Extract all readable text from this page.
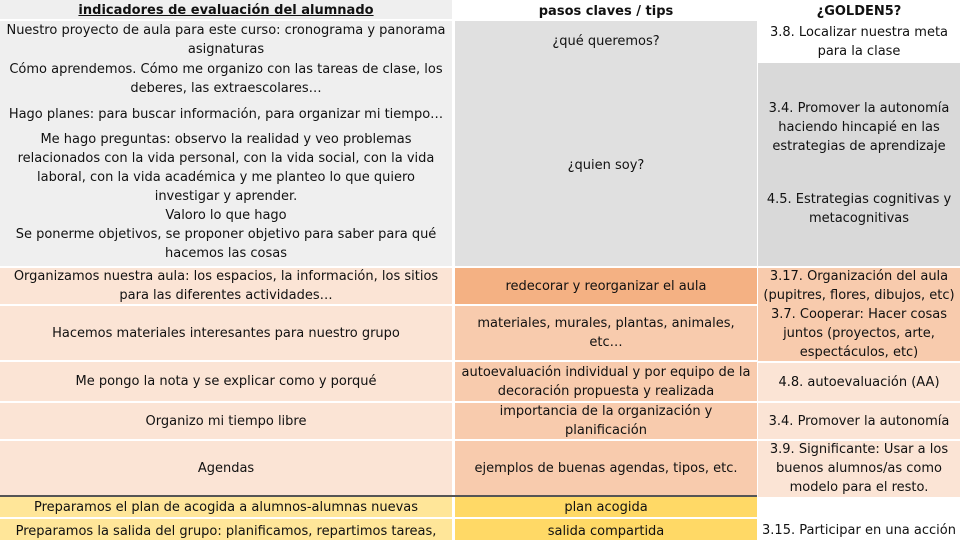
indicadores de evaluación del alumnado
Nuestro proyecto de aula para este curso: cronograma y panorama asignaturas
Cómo aprendemos. Cómo me organizo con las tareas de clase, los deberes, las extraescolares…
Hago planes: para buscar información, para organizar mi tiempo…
Me hago preguntas: observo la realidad y veo problemas relacionados con la vida personal, con la vida social, con la vida laboral, con la vida académica y me planteo lo que quiero investigar y aprender.
Valoro lo que hago
Se ponerme objetivos, se proponer objetivo para saber para qué hacemos las cosas
Organizamos nuestra aula: los espacios, la información, los sitios para las diferentes actividades…
Hacemos materiales interesantes para nuestro grupo
Me pongo la nota y se explicar como y porqué
Organizo mi tiempo libre
Agendas
Preparamos el plan de acogida a alumnos-alumnas nuevas
Preparamos la salida del grupo: planificamos, repartimos tareas,
pasos claves / tips
¿qué queremos?
¿quien soy?
redecorar y reorganizar el aula
materiales, murales, plantas, animales, etc…
autoevaluación individual y por equipo de la decoración propuesta y realizada
importancia de la organización y planificación
ejemplos de buenas agendas, tipos, etc.
plan acogida
salida compartida
¿GOLDEN5?
3.8. Localizar nuestra meta para la clase
3.4. Promover la autonomía haciendo hincapié en las estrategias de aprendizaje
4.5. Estrategias cognitivas y metacognitivas
3.17. Organización del aula (pupitres, flores, dibujos, etc)
3.7. Cooperar: Hacer cosas juntos (proyectos, arte, espectáculos, etc)
4.8. autoevaluación (AA)
3.4. Promover la autonomía
3.9. Significante: Usar a los buenos alumnos/as como modelo para el resto.
3.15. Participar en una acción
